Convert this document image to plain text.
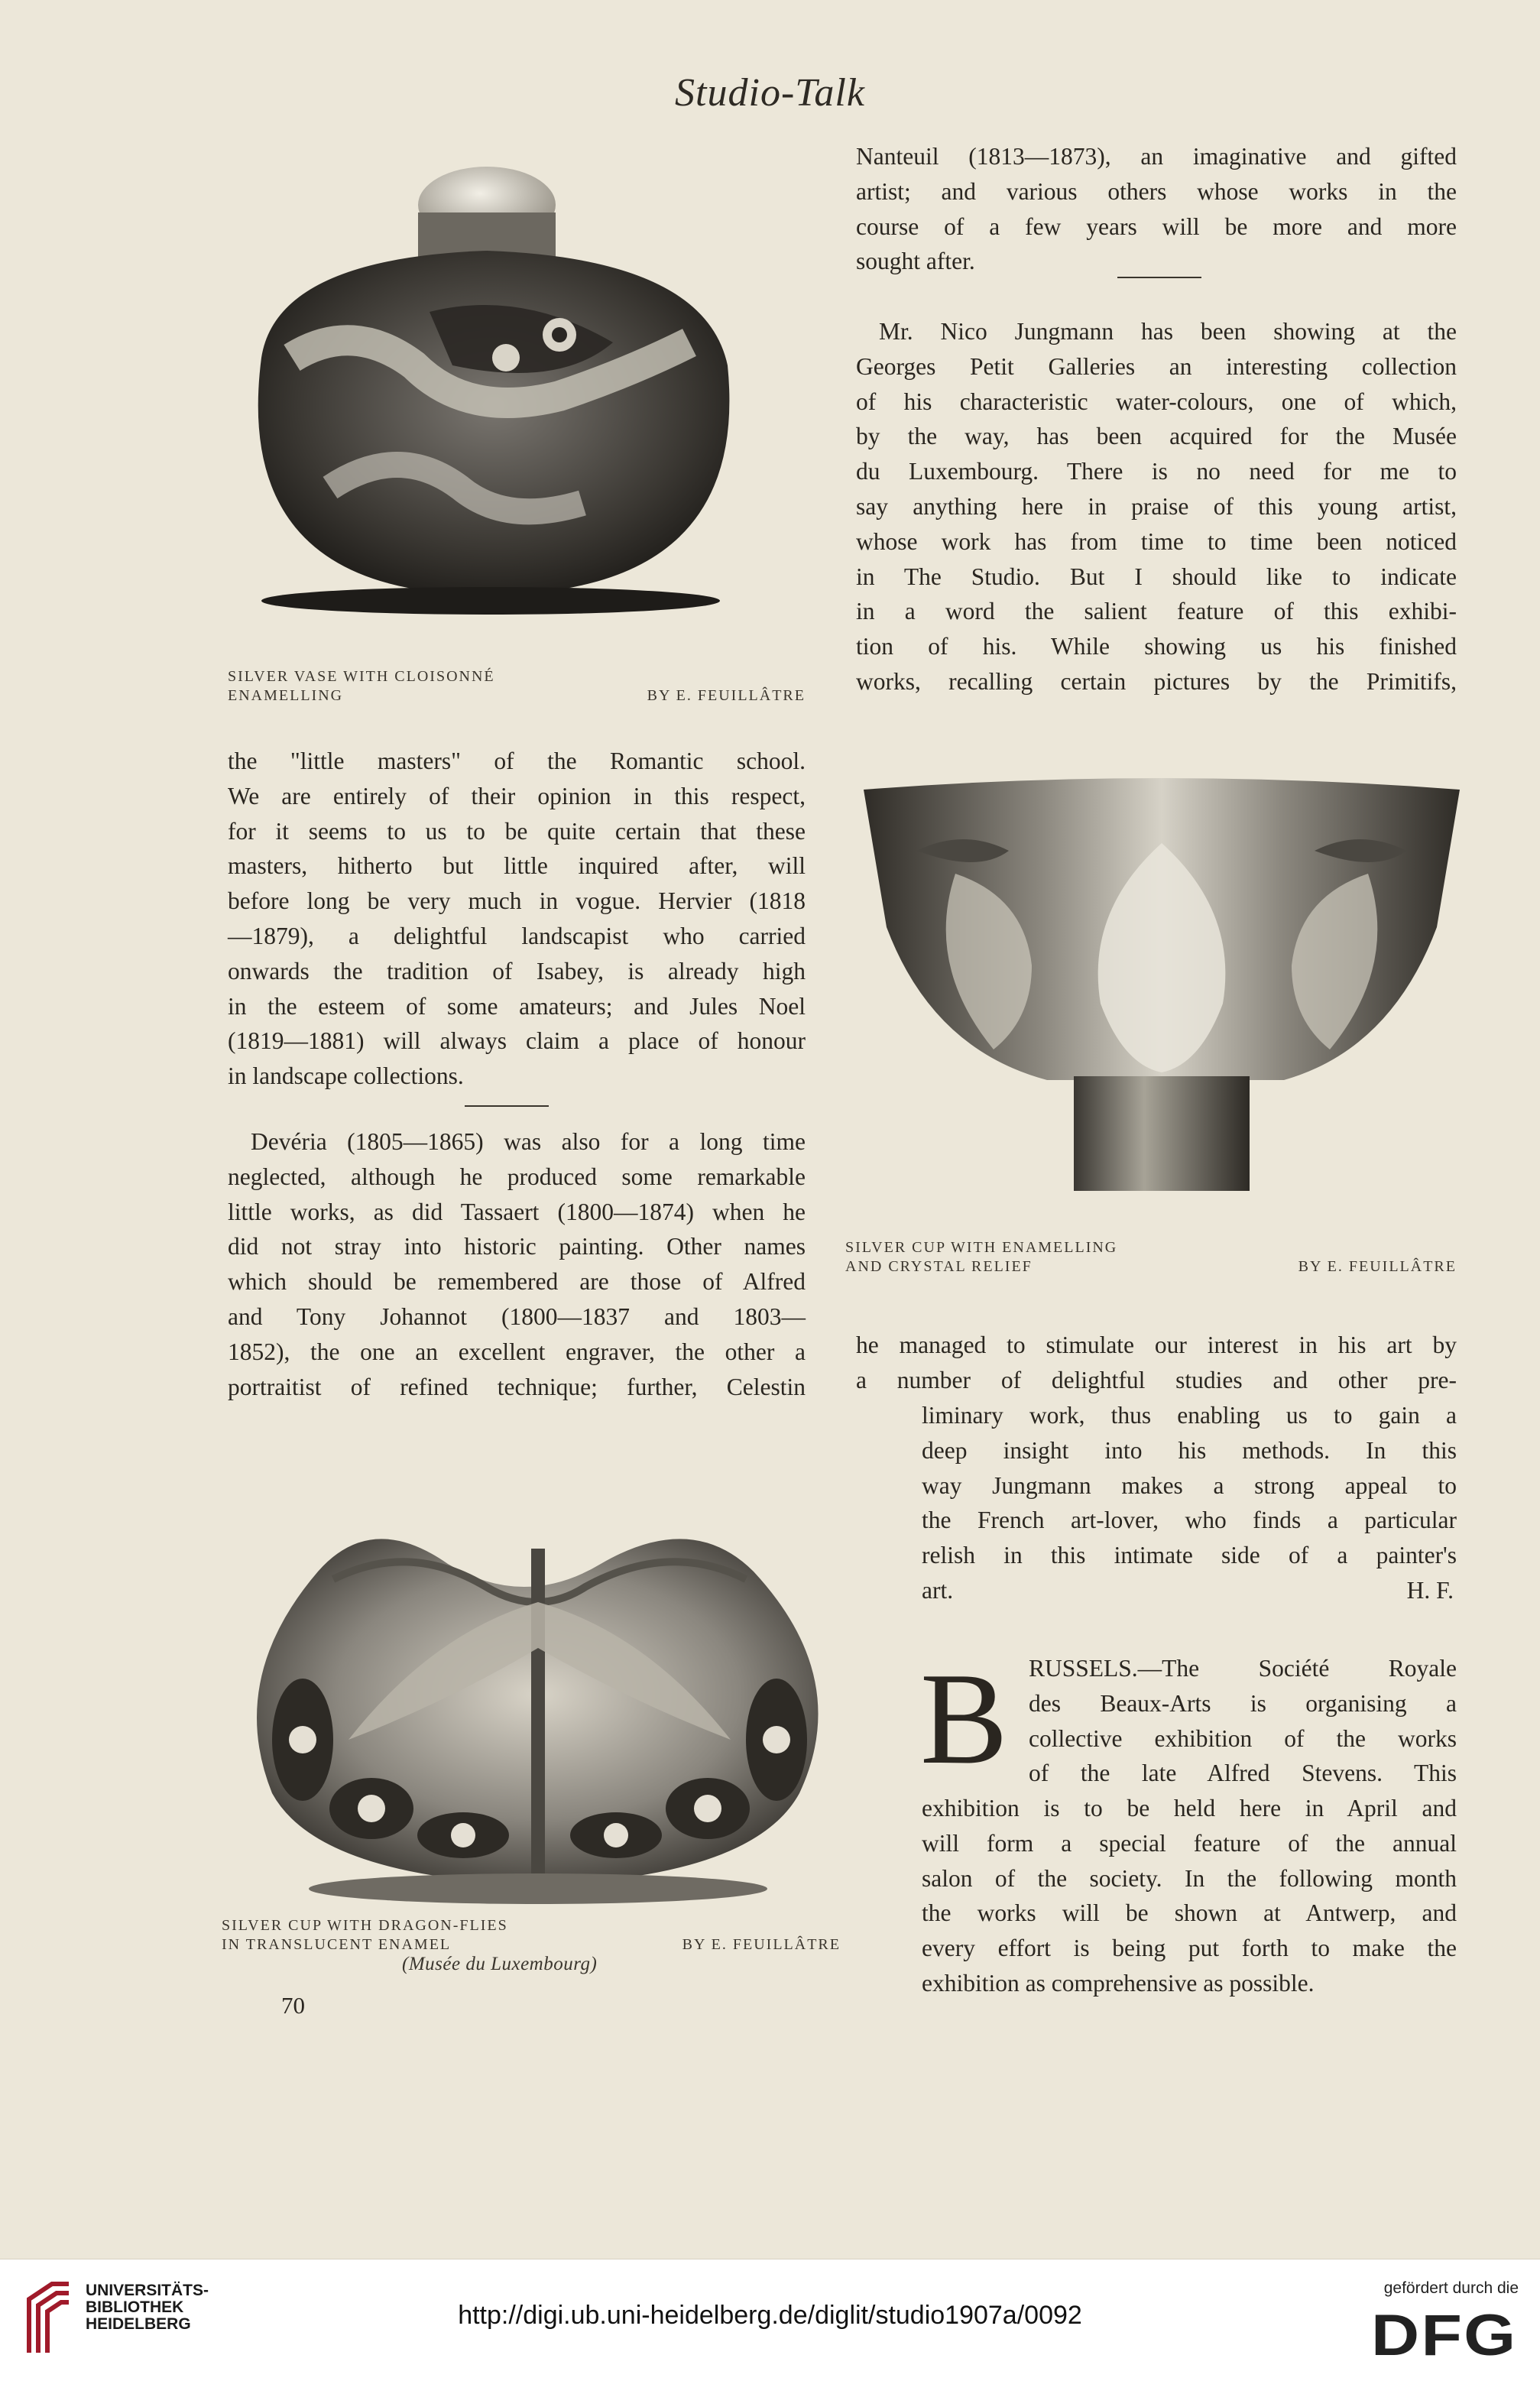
Studio-Talk
SILVER VASE WITH CLOISONNÉ
ENAMELLING	BY E. FEUILLÂTRE
the "little masters" of the Romantic school.
We are entirely of their opinion in this respect,
for it seems to us to be quite certain that these
masters, hitherto but little inquired after, will
before long be very much in vogue. Hervier (1818
—1879), a delightful landscapist who carried
onwards the tradition of Isabey, is already high
in the esteem of some amateurs; and Jules Noel
(1819—1881) will always claim a place of honour
in landscape collections.
Devéria (1805—1865) was also for a long time
neglected, although he produced some remarkable
little works, as did Tassaert (1800—1874) when he
did not stray into historic painting. Other names
which should be remembered are those of Alfred
and Tony Johannot (1800—1837 and 1803—
1852), the one an excellent engraver, the other a
portraitist of refined technique; further, Celestin
SILVER CUP WITH DRAGON-FLIES
IN TRANSLUCENT ENAMEL	BY E. FEUILLÂTRE
(Musée du Luxembourg)
70
Nanteuil (1813—1873), an imaginative and gifted
artist; and various others whose works in the
course of a few years will be more and more
sought after.
Mr. Nico Jungmann has been showing at the
Georges Petit Galleries an interesting collection
of his characteristic water-colours, one of which,
by the way, has been acquired for the Musée
du Luxembourg. There is no need for me to
say anything here in praise of this young artist,
whose work has from time to time been noticed
in The Studio. But I should like to indicate
in a word the salient feature of this exhibi-
tion of his. While showing us his finished
works, recalling certain pictures by the Primitifs,
SILVER CUP WITH ENAMELLING
AND CRYSTAL RELIEF	BY E. FEUILLÂTRE
he managed to stimulate our interest in his art by
a number of delightful studies and other pre-
liminary work, thus enabling us to gain a
deep insight into his methods. In this
way Jungmann makes a strong appeal to
the French art-lover, who finds a particular
relish in this intimate side of a painter's
art.	H. F.
B RUSSELS.—The Société Royale
des Beaux-Arts is organising a
collective exhibition of the works
of the late Alfred Stevens. This
exhibition is to be held here in April and
will form a special feature of the annual
salon of the society. In the following month
the works will be shown at Antwerp, and
every effort is being put forth to make the
exhibition as comprehensive as possible.
UNIVERSITÄTS-
BIBLIOTHEK
HEIDELBERG	http://digi.ub.uni-heidelberg.de/diglit/studio1907a/0092
gefördert durch die
DFG
